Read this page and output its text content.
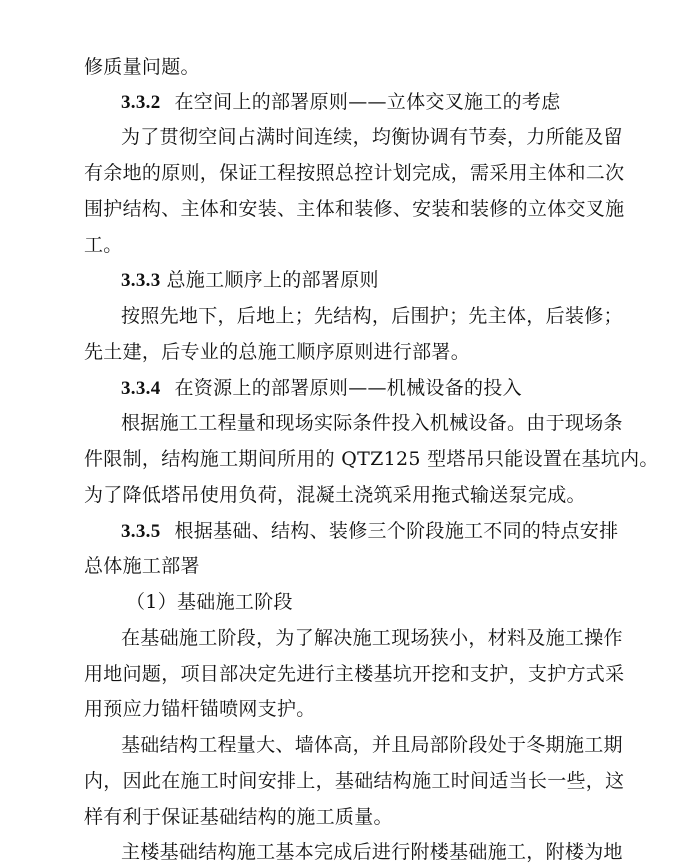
修质量问题。
3.3.2 在空间上的部署原则——立体交叉施工的考虑
为了贯彻空间占满时间连续，均衡协调有节奏，力所能及留
有余地的原则，保证工程按照总控计划完成，需采用主体和二次
围护结构、主体和安装、主体和装修、安装和装修的立体交叉施
工。
3.3.3 总施工顺序上的部署原则
按照先地下，后地上；先结构，后围护；先主体，后装修；
先土建，后专业的总施工顺序原则进行部署。
3.3.4 在资源上的部署原则——机械设备的投入
根据施工工程量和现场实际条件投入机械设备。由于现场条
件限制，结构施工期间所用的 QTZ125 型塔吊只能设置在基坑内。
为了降低塔吊使用负荷，混凝土浇筑采用拖式输送泵完成。
3.3.5 根据基础、结构、装修三个阶段施工不同的特点安排
总体施工部署
（1）基础施工阶段
在基础施工阶段，为了解决施工现场狭小，材料及施工操作
用地问题，项目部决定先进行主楼基坑开挖和支护，支护方式采
用预应力锚杆锚喷网支护。
基础结构工程量大、墙体高，并且局部阶段处于冬期施工期
内，因此在施工时间安排上，基础结构施工时间适当长一些，这
样有利于保证基础结构的施工质量。
主楼基础结构施工基本完成后进行附楼基础施工，附楼为地
